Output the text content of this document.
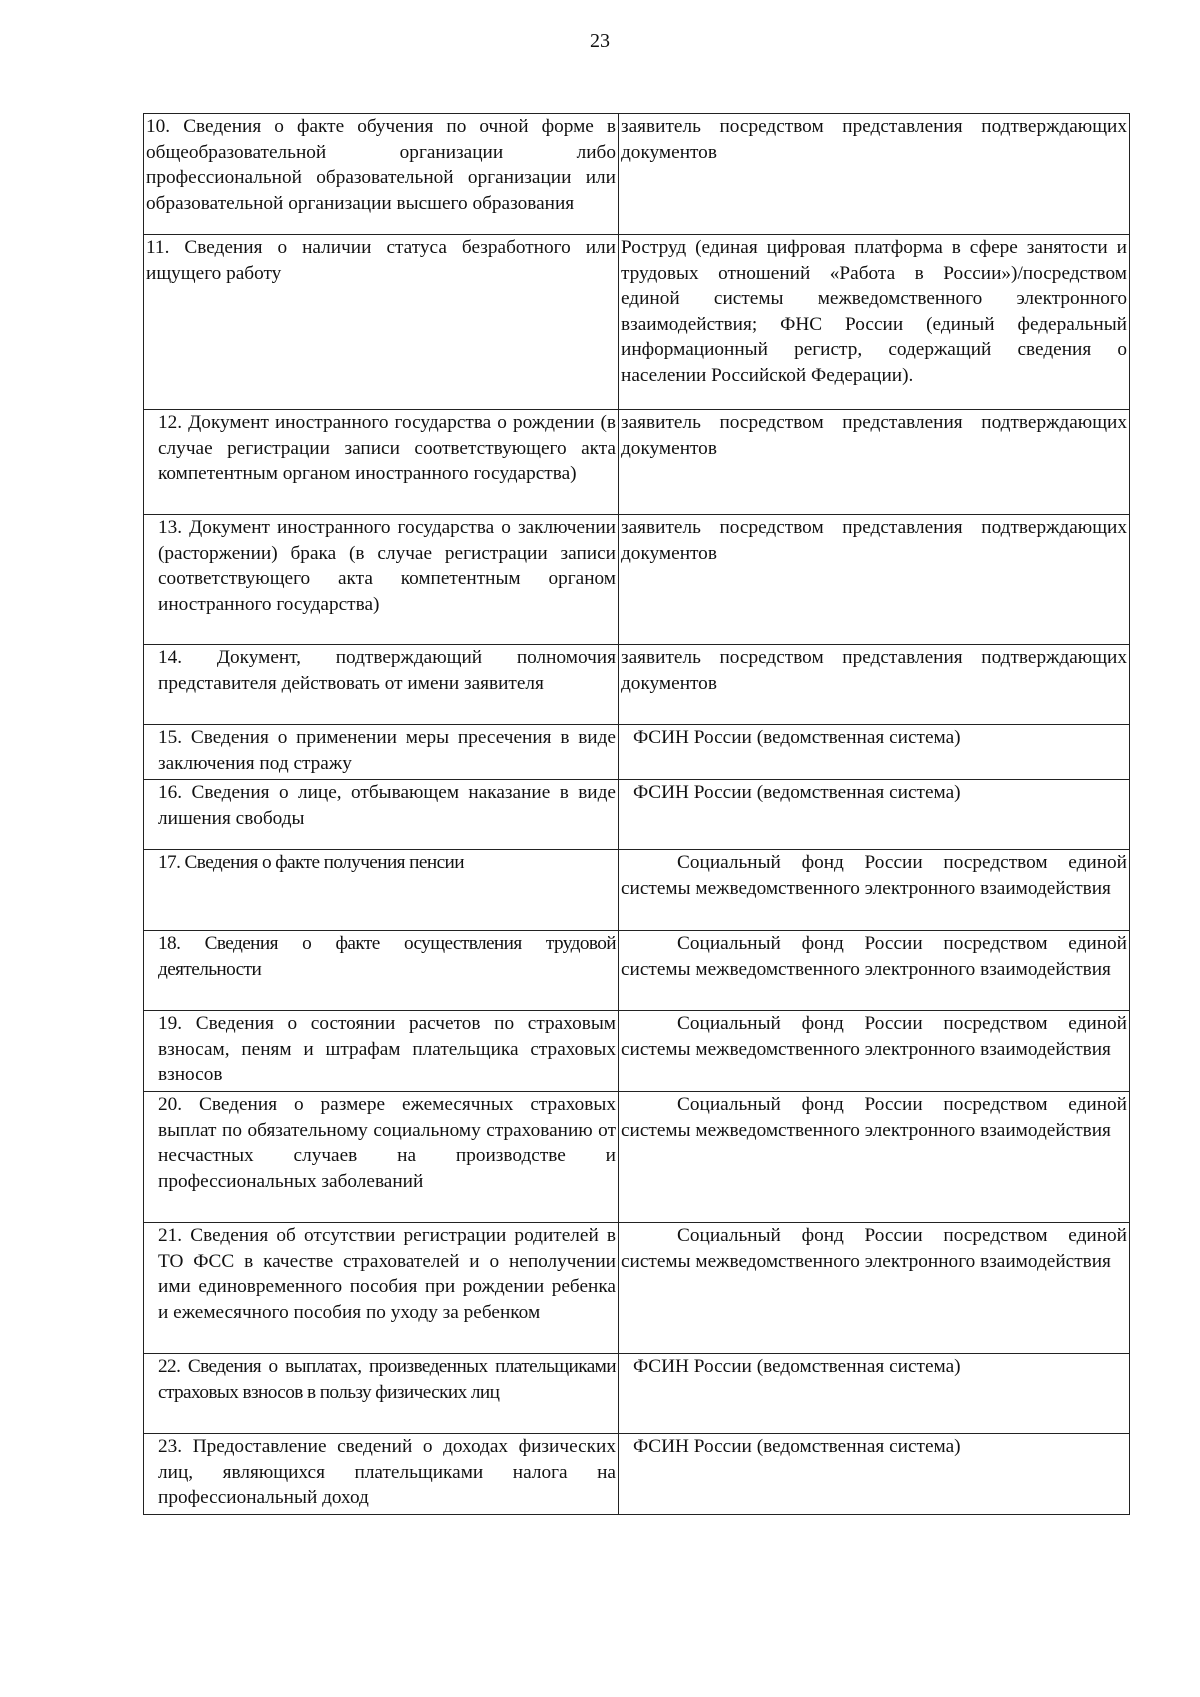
23
10. Сведения о факте обучения по очной форме в общеобразовательной организации либо профессиональной образовательной организации или образовательной организации высшего образования	заявитель посредством представления подтверждающих документов
11. Сведения о наличии статуса безработного или ищущего работу	Роструд (единая цифровая платформа в сфере занятости и трудовых отношений «Работа в России»)/посредством единой системы межведомственного электронного взаимодействия; ФНС России (единый федеральный информационный регистр, содержащий сведения о населении Российской Федерации).
12. Документ иностранного государства о рождении (в случае регистрации записи соответствующего акта компетентным органом иностранного государства)	заявитель посредством представления подтверждающих документов
13. Документ иностранного государства о заключении (расторжении) брака (в случае регистрации записи соответствующего акта компетентным органом иностранного государства)	заявитель посредством представления подтверждающих документов
14. Документ, подтверждающий полномочия представителя действовать от имени заявителя	заявитель посредством представления подтверждающих документов
15. Сведения о применении меры пресечения в виде заключения под стражу	ФСИН России (ведомственная система)
16. Сведения о лице, отбывающем наказание в виде лишения свободы	ФСИН России (ведомственная система)
17. Сведения о факте получения пенсии	Социальный фонд России посредством единой системы межведомственного электронного взаимодействия
18. Сведения о факте осуществления трудовой деятельности	Социальный фонд России посредством единой системы межведомственного электронного взаимодействия
19. Сведения о состоянии расчетов по страховым взносам, пеням и штрафам плательщика страховых взносов	Социальный фонд России посредством единой системы межведомственного электронного взаимодействия
20. Сведения о размере ежемесячных страховых выплат по обязательному социальному страхованию от несчастных случаев на производстве и профессиональных заболеваний	Социальный фонд России посредством единой системы межведомственного электронного взаимодействия
21. Сведения об отсутствии регистрации родителей в ТО ФСС в качестве страхователей и о неполучении ими единовременного пособия при рождении ребенка и ежемесячного пособия по уходу за ребенком	Социальный фонд России посредством единой системы межведомственного электронного взаимодействия
22. Сведения о выплатах, произведенных плательщиками страховых взносов в пользу физических лиц	ФСИН России (ведомственная система)
23. Предоставление сведений о доходах физических лиц, являющихся плательщиками налога на профессиональный доход	ФСИН России (ведомственная система)
